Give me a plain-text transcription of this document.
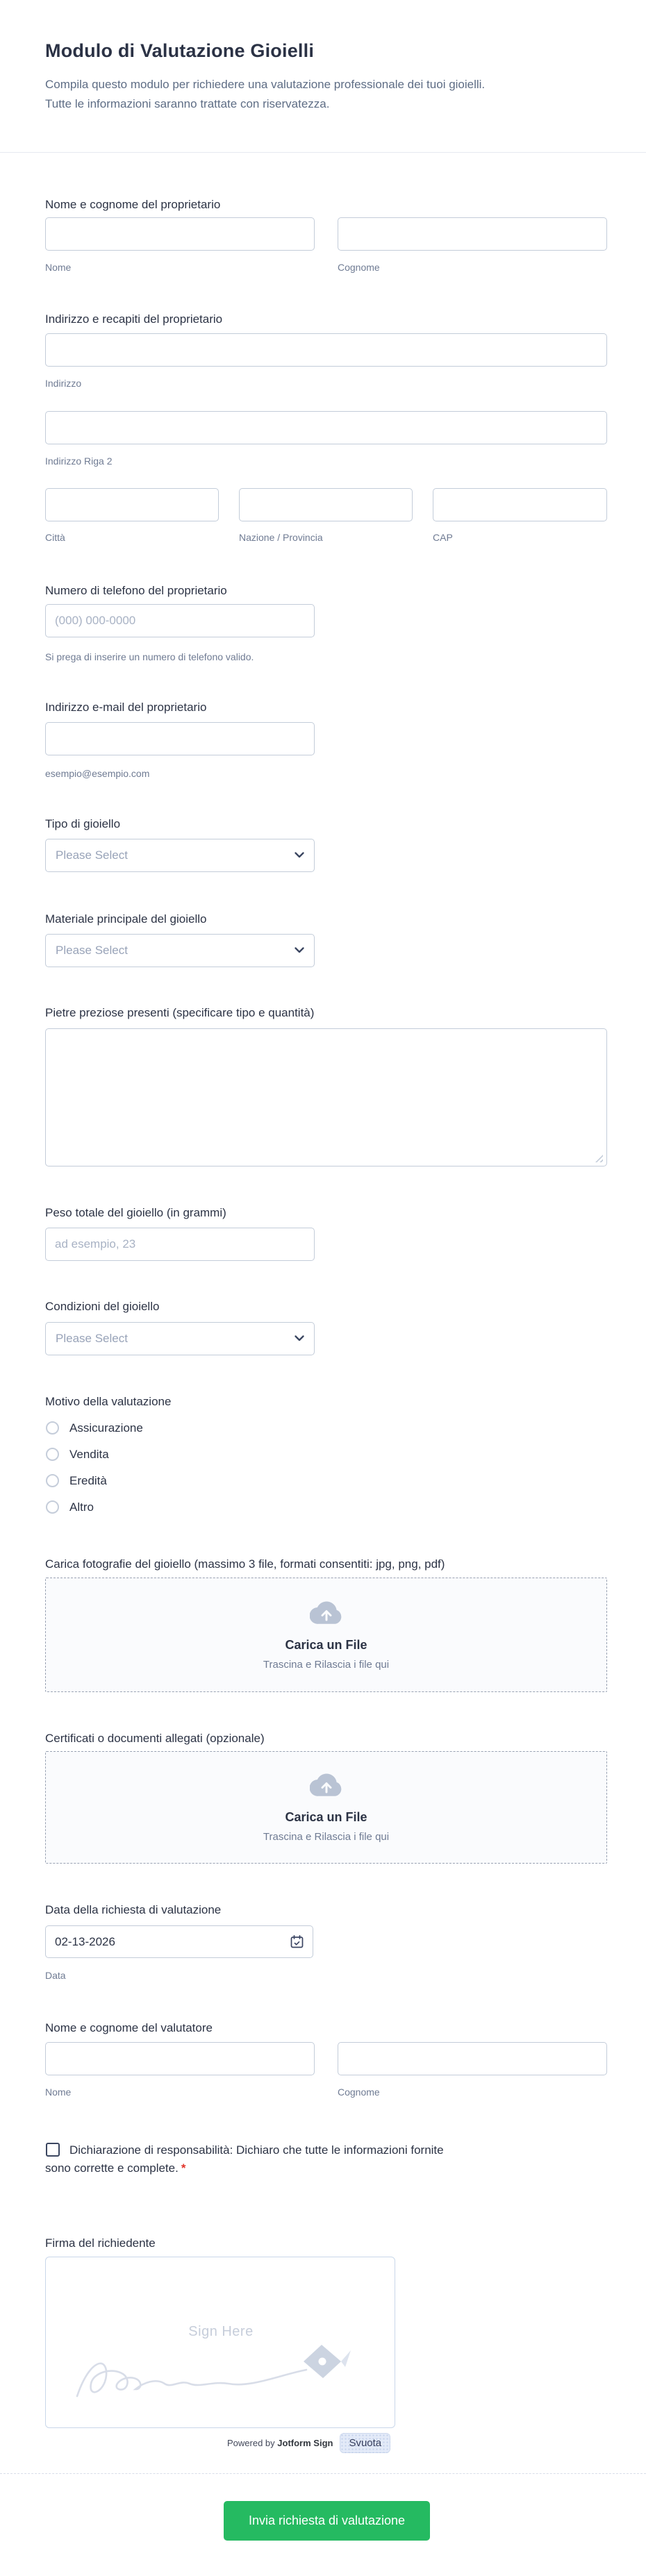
Modulo di Valutazione Gioielli
Compila questo modulo per richiedere una valutazione professionale dei tuoi gioielli.
Tutte le informazioni saranno trattate con riservatezza.
Nome e cognome del proprietario
Nome	Cognome
Indirizzo e recapiti del proprietario
Indirizzo
Indirizzo Riga 2
Città	Nazione / Provincia	CAP
Numero di telefono del proprietario
(000) 000-0000
Si prega di inserire un numero di telefono valido.
Indirizzo e-mail del proprietario
esempio@esempio.com
Tipo di gioiello
Please Select
Materiale principale del gioiello
Please Select
Pietre preziose presenti (specificare tipo e quantità)
Peso totale del gioiello (in grammi)
ad esempio, 23
Condizioni del gioiello
Please Select
Motivo della valutazione
Assicurazione
Vendita
Eredità
Altro
Carica fotografie del gioiello (massimo 3 file, formati consentiti: jpg, png, pdf)
Carica un File
Trascina e Rilascia i file qui
Certificati o documenti allegati (opzionale)
Carica un File
Trascina e Rilascia i file qui
Data della richiesta di valutazione
02-13-2026
Data
Nome e cognome del valutatore
Nome	Cognome
Dichiarazione di responsabilità: Dichiaro che tutte le informazioni fornite
sono corrette e complete. *
Firma del richiedente
Sign Here
Powered by Jotform Sign	Svuota
Invia richiesta di valutazione
